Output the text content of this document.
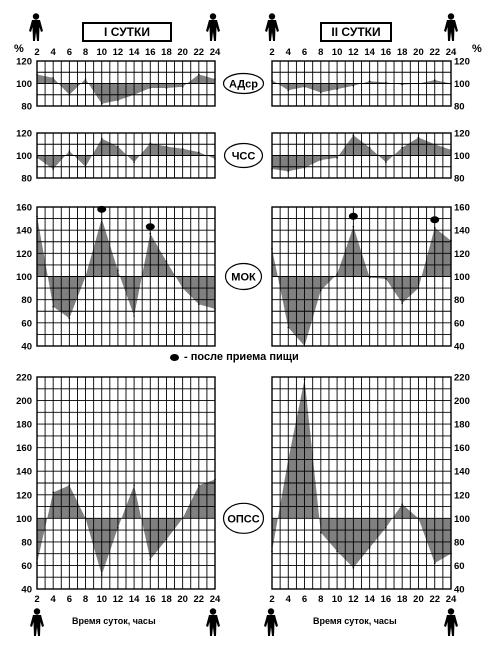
I СУТКИ	II СУТКИ
%	%
- после приема пищи
Время суток, часы	Время суток, часы
80	80
100	100
120	120
АДср
80	80
100	100
120	120
ЧСС
40	40
60	60
80	80
100	100
120	120
140	140
160	160
МОК
40	40
60	60
80	80
100	100
120	120
140	140
160	160
180	180
200	200
220	220
ОПСС
2
2
4
4
6
6
8
8
10
10
12
12
14
14
16
16
18
18
20
20
22
22
24
24
2
2
4
4
6
6
8
8
10
10
12
12
14
14
16
16
18
18
20
20
22
22
24
24
